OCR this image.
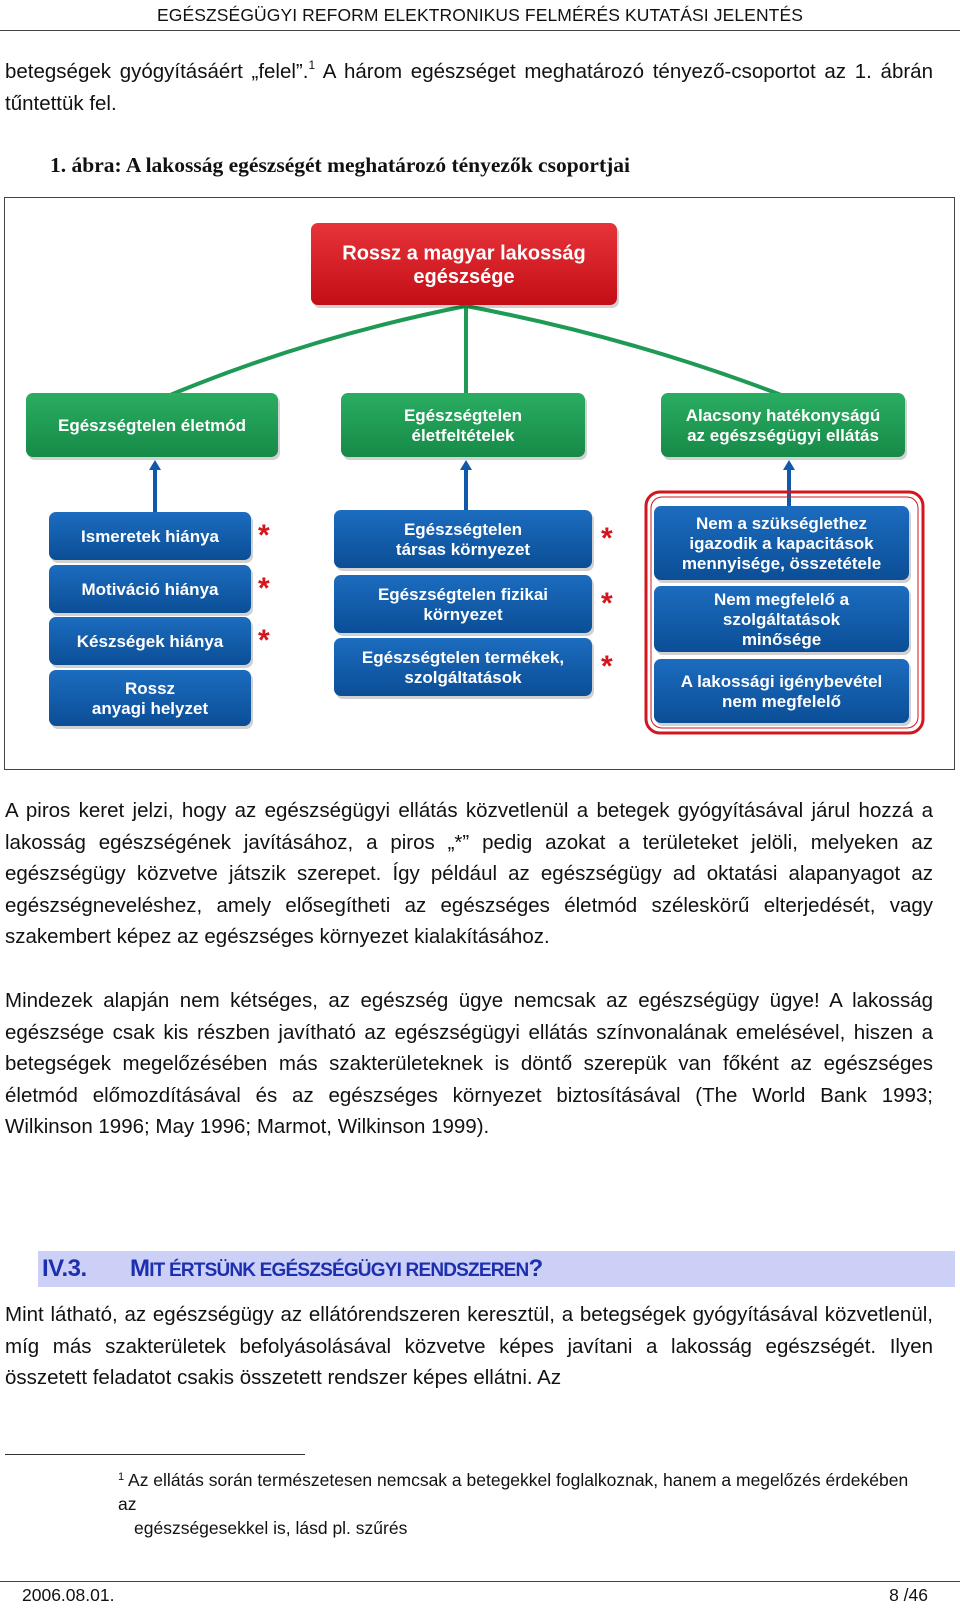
EGÉSZSÉGÜGYI REFORM ELEKTRONIKUS FELMÉRÉS KUTATÁSI JELENTÉS
betegségek gyógyításáért „felel”.$^1$ A három egészséget meghatározó tényező-csoportot az 1. ábrán tűntettük fel.
1. ábra: A lakosság egészségét meghatározó tényezők csoportjai
Rossz a magyar lakosság
egészsége
Egészségtelen életmód
Egészségtelen
életfeltételek
Alacsony hatékonyságú
az egészségügyi ellátás
Ismeretek hiánya *
Motiváció hiánya *
Készségek hiánya *
Rossz
anyagi helyzet
Egészségtelen
társas környezet *
Egészségtelen fizikai
környezet	*
Egészségtelen termékek,
szolgáltatások	*
Nem a szükséglethez
igazodik a kapacitások
mennyisége, összetétele
Nem megfelelő a
szolgáltatások
minősége
A lakossági igénybevétel
nem megfelelő
A piros keret jelzi, hogy az egészségügyi ellátás közvetlenül a betegek gyógyításával járul hozzá a lakosság egészségének javításához, a piros „*” pedig azokat a területeket jelöli, melyeken az egészségügy közvetve játszik szerepet. Így például az egészségügy ad oktatási alapanyagot az egészségneveléshez, amely elősegítheti az egészséges életmód széleskörű elterjedését, vagy szakembert képez az egészséges környezet kialakításához.
Mindezek alapján nem kétséges, az egészség ügye nemcsak az egészségügy ügye! A lakosság egészsége csak kis részben javítható az egészségügyi ellátás színvonalának emelésével, hiszen a betegségek megelőzésében más szakterületeknek is döntő szerepük van főként az egészséges életmód előmozdításával és az egészséges környezet biztosításával (The World Bank 1993; Wilkinson 1996; May 1996; Marmot, Wilkinson 1999).
IV.3. MIT ÉRTSÜNK EGÉSZSÉGÜGYI RENDSZEREN?
Mint látható, az egészségügy az ellátórendszeren keresztül, a betegségek gyógyításával közvetlenül, míg más szakterületek befolyásolásával közvetve képes javítani a lakosság egészségét. Ilyen összetett feladatot csakis összetett rendszer képes ellátni. Az
$^1$ Az ellátás során természetesen nemcsak a betegekkel foglalkoznak, hanem a megelőzés érdekében az
egészségesekkel is, lásd pl. szűrés
2006.08.01.	8 /46
